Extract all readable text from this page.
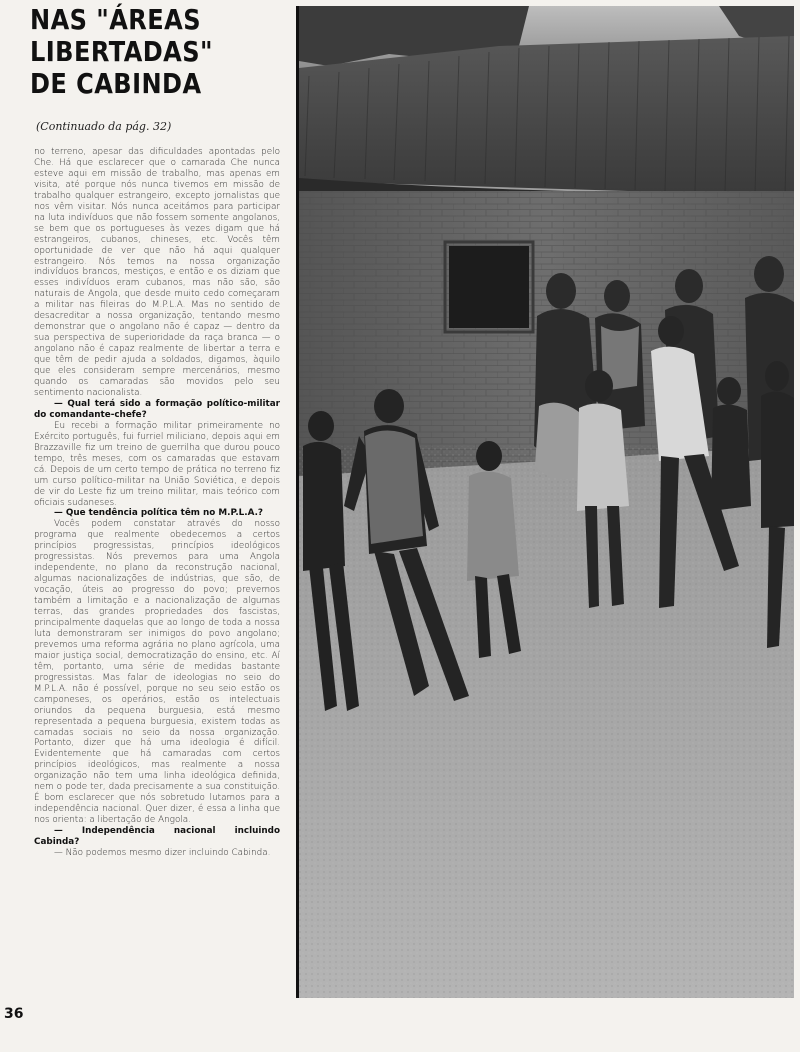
NAS "ÁREAS
LIBERTADAS"
DE CABINDA
(Continuado da pág. 32)

no terreno, apesar das dificuldades apontadas pelo Che. Há que esclarecer que o camarada Che nunca esteve aqui em missão de trabalho, mas apenas em visita, até porque nós nunca tivemos em missão de trabalho qualquer estrangeiro, excepto jornalistas que nos vêm visitar. Nós nunca aceitámos para participar na luta indivíduos que não fossem somente angolanos, se bem que os portugueses às vezes digam que há estrangeiros, cubanos, chineses, etc. Vocês têm oportunidade de ver que não há aqui qualquer estrangeiro. Nós temos na nossa organização indivíduos brancos, mestiços, e então e os diziam que esses indivíduos eram cubanos, mas não são, são naturais de Angola, que desde muito cedo começaram a militar nas fileiras do M.P.L.A. Mas no sentido de desacreditar a nossa organização, tentando mesmo demonstrar que o angolano não é capaz — dentro da sua perspectiva de superioridade da raça branca — o angolano não é capaz realmente de libertar a terra e que têm de pedir ajuda a soldados, digamos, àquilo que eles consideram sempre mercenários, mesmo quando os camaradas são movidos pelo seu sentimento nacionalista.

— Qual terá sido a formação político-militar do comandante-chefe?

Eu recebi a formação militar primeiramente no Exército português, fui furriel miliciano, depois aqui em Brazzaville fiz um treino de guerrilha que durou pouco tempo, três meses, com os camaradas que estavam cá. Depois de um certo tempo de prática no terreno fiz um curso político-militar na União Soviética, e depois de vir do Leste fiz um treino militar, mais teórico com oficiais sudaneses.

— Que tendência política têm no M.P.L.A.?

Vocês podem constatar através do nosso programa que realmente obedecemos a certos princípios progressistas, princípios ideológicos progressistas. Nós prevemos para uma Angola independente, no plano da reconstrução nacional, algumas nacionalizações de indústrias, que são, de vocação, úteis ao progresso do povo; prevemos também a limitação e a nacionalização de algumas terras, das grandes propriedades dos fascistas, principalmente daquelas que ao longo de toda a nossa luta demonstraram ser inimigos do povo angolano; prevemos uma reforma agrária no plano agrícola, uma maior justiça social, democratização do ensino, etc. Aí têm, portanto, uma série de medidas bastante progressistas. Mas falar de ideologias no seio do M.P.L.A. não é possível, porque no seu seio estão os camponeses, os operários, estão os intelectuais oriundos da pequena burguesia, está mesmo representada a pequena burguesia, existem todas as camadas sociais no seio da nossa organização. Portanto, dizer que há uma ideologia é difícil. Evidentemente que há camaradas com certos princípios ideológicos, mas realmente a nossa organização não tem uma linha ideológica definida, nem o pode ter, dada precisamente a sua constituição. É bom esclarecer que nós sobretudo lutamos para a independência nacional. Quer dizer, é essa a linha que nos orienta: a libertação de Angola.

— Independência nacional incluindo Cabinda?

— Não podemos mesmo dizer incluindo Cabinda.

36
